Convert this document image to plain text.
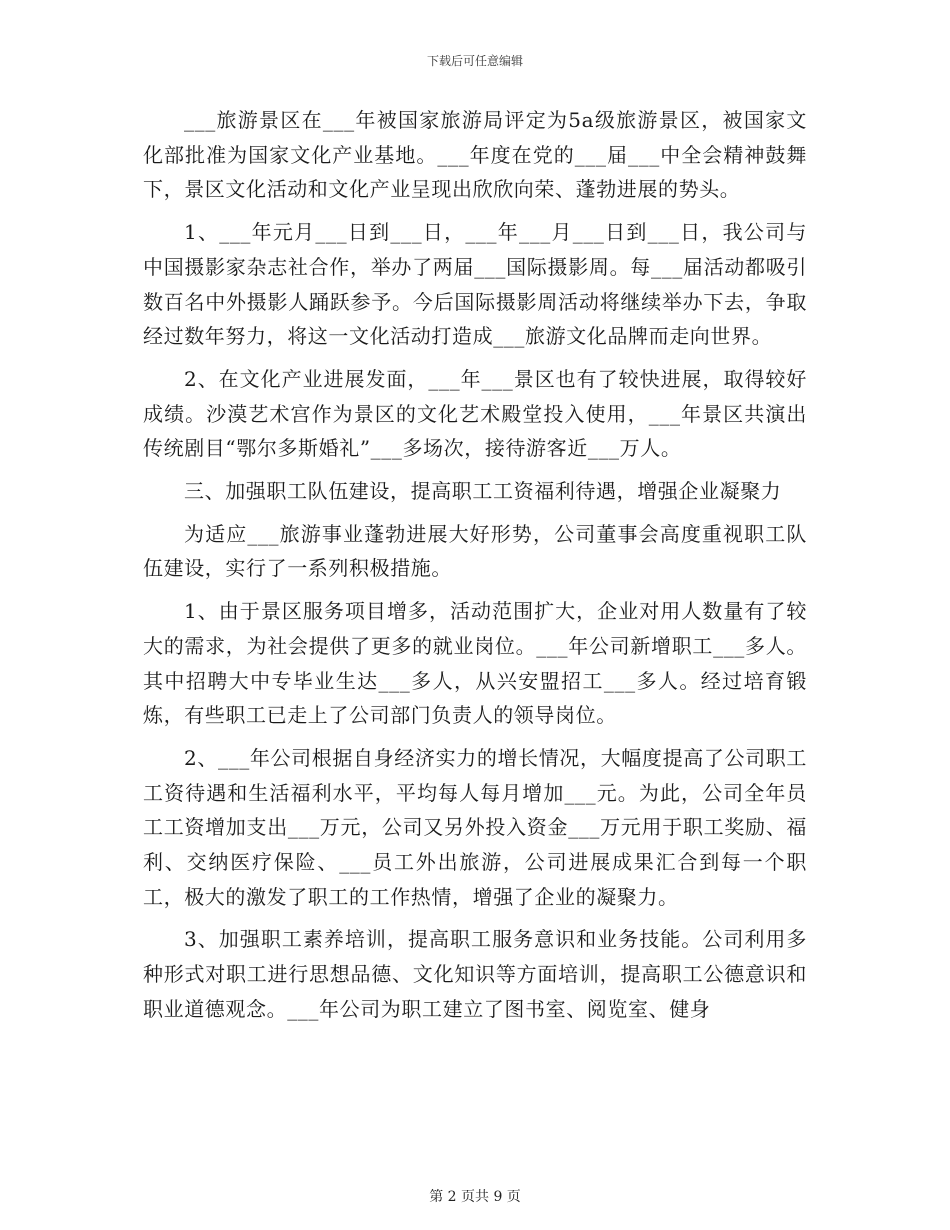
下载后可任意编辑

___旅游景区在___年被国家旅游局评定为5a级旅游景区，被国家文化部批准为国家文化产业基地。___年度在党的___届___中全会精神鼓舞下，景区文化活动和文化产业呈现出欣欣向荣、蓬勃进展的势头。

1、___年元月___日到___日，___年___月___日到___日，我公司与中国摄影家杂志社合作，举办了两届___国际摄影周。每___届活动都吸引数百名中外摄影人踊跃参予。今后国际摄影周活动将继续举办下去，争取经过数年努力，将这一文化活动打造成___旅游文化品牌而走向世界。

2、在文化产业进展发面，___年___景区也有了较快进展，取得较好成绩。沙漠艺术宫作为景区的文化艺术殿堂投入使用，___年景区共演出传统剧目“鄂尔多斯婚礼”___多场次，接待游客近___万人。

三、加强职工队伍建设，提高职工工资福利待遇，增强企业凝聚力

为适应___旅游事业蓬勃进展大好形势，公司董事会高度重视职工队伍建设，实行了一系列积极措施。

1、由于景区服务项目增多，活动范围扩大，企业对用人数量有了较大的需求，为社会提供了更多的就业岗位。___年公司新增职工___多人。其中招聘大中专毕业生达___多人，从兴安盟招工___多人。经过培育锻炼，有些职工已走上了公司部门负责人的领导岗位。

2、___年公司根据自身经济实力的增长情况，大幅度提高了公司职工工资待遇和生活福利水平，平均每人每月增加___元。为此，公司全年员工工资增加支出___万元，公司又另外投入资金___万元用于职工奖励、福利、交纳医疗保险、___员工外出旅游，公司进展成果汇合到每一个职工，极大的激发了职工的工作热情，增强了企业的凝聚力。

3、加强职工素养培训，提高职工服务意识和业务技能。公司利用多种形式对职工进行思想品德、文化知识等方面培训，提高职工公德意识和职业道德观念。___年公司为职工建立了图书室、阅览室、健身

第 2 页共 9 页
